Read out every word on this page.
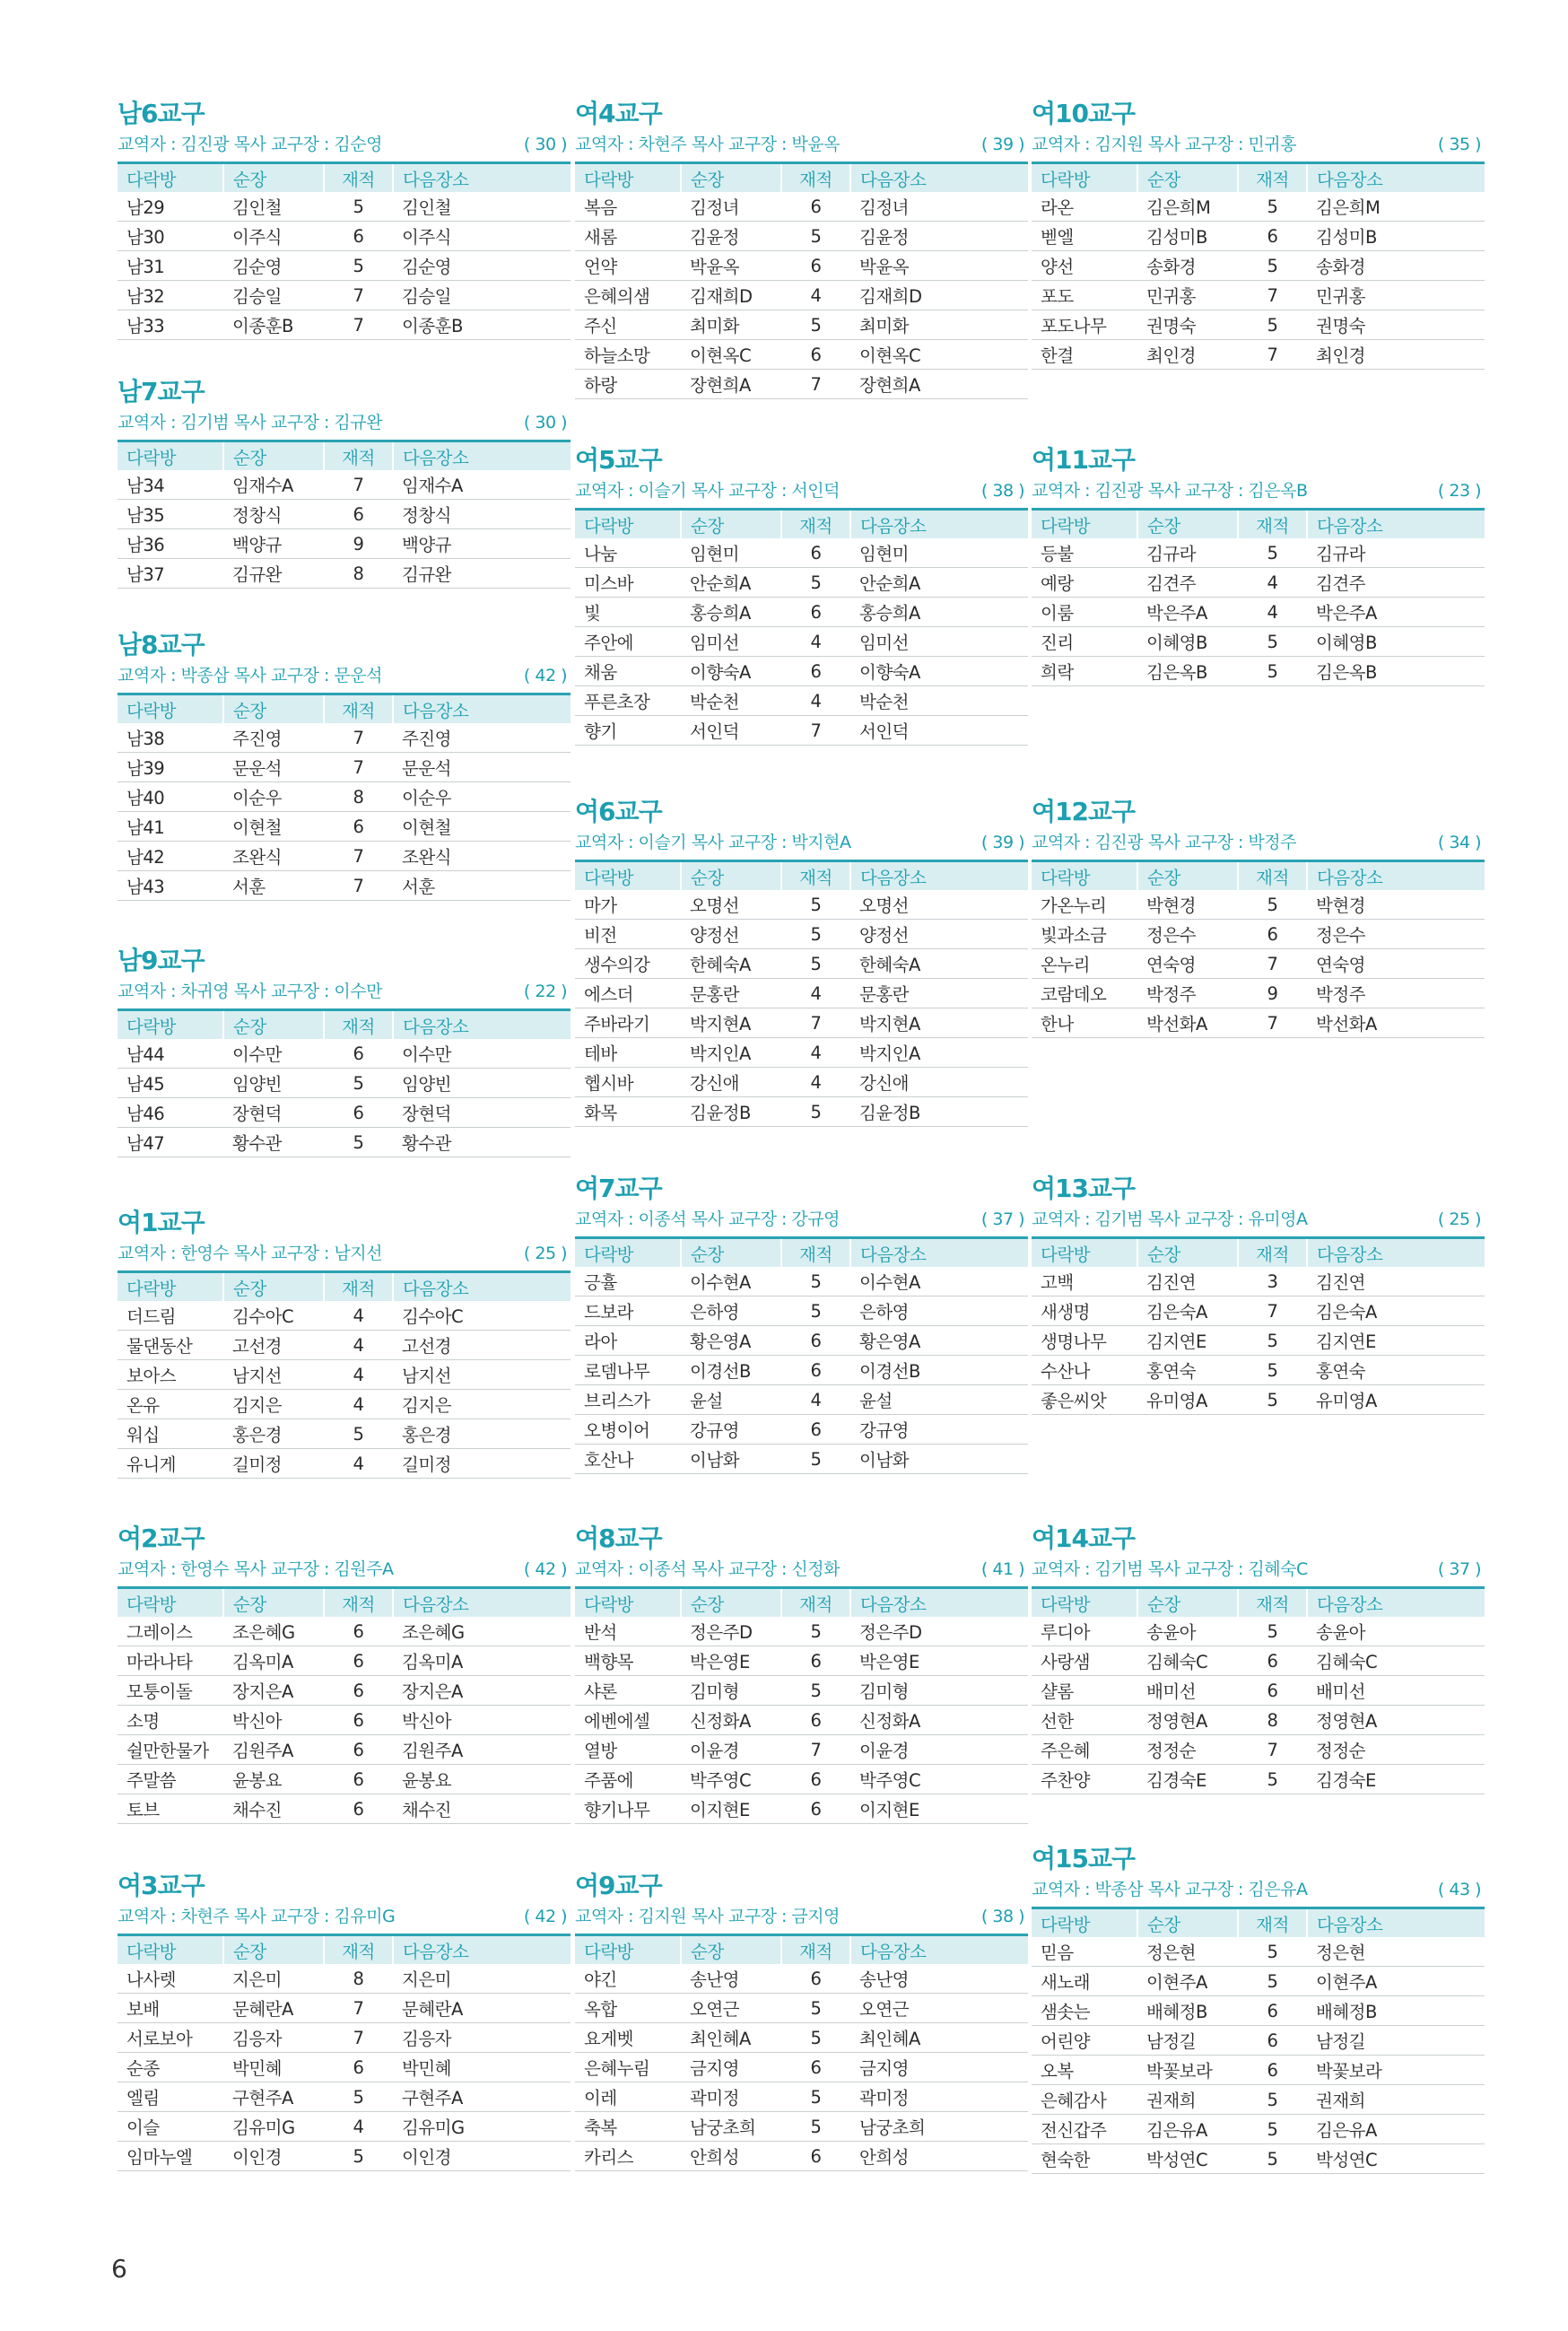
남6교구
교역자 : 김진광 목사 교구장 : 김순영	( 30 )
다락방	순장	재적	다음장소
남29	김인철	5	김인철
남30	이주식	6	이주식
남31	김순영	5	김순영
남32	김승일	7	김승일
남33	이종훈B	7	이종훈B
남7교구
교역자 : 김기범 목사 교구장 : 김규완	( 30 )
다락방	순장	재적	다음장소
남34	임재수A	7	임재수A
남35	정창식	6	정창식
남36	백양규	9	백양규
남37	김규완	8	김규완
남8교구
교역자 : 박종삼 목사 교구장 : 문운석	( 42 )
다락방	순장	재적	다음장소
남38	주진영	7	주진영
남39	문운석	7	문운석
남40	이순우	8	이순우
남41	이현철	6	이현철
남42	조완식	7	조완식
남43	서훈	7	서훈
남9교구
교역자 : 차귀영 목사 교구장 : 이수만	( 22 )
다락방	순장	재적	다음장소
남44	이수만	6	이수만
남45	임양빈	5	임양빈
남46	장현덕	6	장현덕
남47	황수관	5	황수관
여1교구
교역자 : 한영수 목사 교구장 : 남지선	( 25 )
다락방	순장	재적	다음장소
더드림	김수아C	4	김수아C
물댄동산	고선경	4	고선경
보아스	남지선	4	남지선
온유	김지은	4	김지은
워십	홍은경	5	홍은경
유니게	길미정	4	길미정
여2교구
교역자 : 한영수 목사 교구장 : 김원주A	( 42 )
다락방	순장	재적	다음장소
그레이스	조은혜G	6	조은혜G
마라나타	김옥미A	6	김옥미A
모퉁이돌	장지은A	6	장지은A
소명	박신아	6	박신아
쉴만한물가	김원주A	6	김원주A
주말씀	윤봉요	6	윤봉요
토브	채수진	6	채수진
여3교구
교역자 : 차현주 목사 교구장 : 김유미G	( 42 )
다락방	순장	재적	다음장소
나사렛	지은미	8	지은미
보배	문혜란A	7	문혜란A
서로보아	김응자	7	김응자
순종	박민혜	6	박민혜
엘림	구현주A	5	구현주A
이슬	김유미G	4	김유미G
임마누엘	이인경	5	이인경
여4교구
교역자 : 차현주 목사 교구장 : 박윤옥	( 39 )
다락방	순장	재적	다음장소
복음	김정녀	6	김정녀
새롬	김윤정	5	김윤정
언약	박윤옥	6	박윤옥
은혜의샘	김재희D	4	김재희D
주신	최미화	5	최미화
하늘소망	이현옥C	6	이현옥C
하랑	장현희A	7	장현희A
여5교구
교역자 : 이슬기 목사 교구장 : 서인덕	( 38 )
다락방	순장	재적	다음장소
나눔	임현미	6	임현미
미스바	안순희A	5	안순희A
빛	홍승희A	6	홍승희A
주안에	임미선	4	임미선
채움	이향숙A	6	이향숙A
푸른초장	박순천	4	박순천
향기	서인덕	7	서인덕
여6교구
교역자 : 이슬기 목사 교구장 : 박지현A	( 39 )
다락방	순장	재적	다음장소
마가	오명선	5	오명선
비전	양정선	5	양정선
생수의강	한혜숙A	5	한혜숙A
에스더	문홍란	4	문홍란
주바라기	박지현A	7	박지현A
테바	박지인A	4	박지인A
헵시바	강신애	4	강신애
화목	김윤정B	5	김윤정B
여7교구
교역자 : 이종석 목사 교구장 : 강규영	( 37 )
다락방	순장	재적	다음장소
긍휼	이수현A	5	이수현A
드보라	은하영	5	은하영
라아	황은영A	6	황은영A
로뎀나무	이경선B	6	이경선B
브리스가	윤설	4	윤설
오병이어	강규영	6	강규영
호산나	이남화	5	이남화
여8교구
교역자 : 이종석 목사 교구장 : 신정화	( 41 )
다락방	순장	재적	다음장소
반석	정은주D	5	정은주D
백향목	박은영E	6	박은영E
샤론	김미형	5	김미형
에벤에셀	신정화A	6	신정화A
열방	이윤경	7	이윤경
주품에	박주영C	6	박주영C
향기나무	이지현E	6	이지현E
여9교구
교역자 : 김지원 목사 교구장 : 금지영	( 38 )
다락방	순장	재적	다음장소
야긴	송난영	6	송난영
옥합	오연근	5	오연근
요게벳	최인혜A	5	최인혜A
은혜누림	금지영	6	금지영
이레	곽미정	5	곽미정
축복	남궁초희	5	남궁초희
카리스	안희성	6	안희성
여10교구
교역자 : 김지원 목사 교구장 : 민귀홍	( 35 )
다락방	순장	재적	다음장소
라온	김은희M	5	김은희M
벧엘	김성미B	6	김성미B
양선	송화경	5	송화경
포도	민귀홍	7	민귀홍
포도나무	권명숙	5	권명숙
한결	최인경	7	최인경
여11교구
교역자 : 김진광 목사 교구장 : 김은옥B	( 23 )
다락방	순장	재적	다음장소
등불	김규라	5	김규라
예랑	김견주	4	김견주
이룸	박은주A	4	박은주A
진리	이혜영B	5	이혜영B
희락	김은옥B	5	김은옥B
여12교구
교역자 : 김진광 목사 교구장 : 박정주	( 34 )
다락방	순장	재적	다음장소
가온누리	박현경	5	박현경
빛과소금	정은수	6	정은수
온누리	연숙영	7	연숙영
코람데오	박정주	9	박정주
한나	박선화A	7	박선화A
여13교구
교역자 : 김기범 목사 교구장 : 유미영A	( 25 )
다락방	순장	재적	다음장소
고백	김진연	3	김진연
새생명	김은숙A	7	김은숙A
생명나무	김지연E	5	김지연E
수산나	홍연숙	5	홍연숙
좋은씨앗	유미영A	5	유미영A
여14교구
교역자 : 김기범 목사 교구장 : 김혜숙C	( 37 )
다락방	순장	재적	다음장소
루디아	송윤아	5	송윤아
사랑샘	김혜숙C	6	김혜숙C
샬롬	배미선	6	배미선
선한	정영현A	8	정영현A
주은혜	정정순	7	정정순
주찬양	김경숙E	5	김경숙E
여15교구
교역자 : 박종삼 목사 교구장 : 김은유A	( 43 )
다락방	순장	재적	다음장소
믿음	정은현	5	정은현
새노래	이현주A	5	이현주A
샘솟는	배혜정B	6	배혜정B
어린양	남정길	6	남정길
오복	박꽃보라	6	박꽃보라
은혜감사	권재희	5	권재희
전신갑주	김은유A	5	김은유A
현숙한	박성연C	5	박성연C
6
